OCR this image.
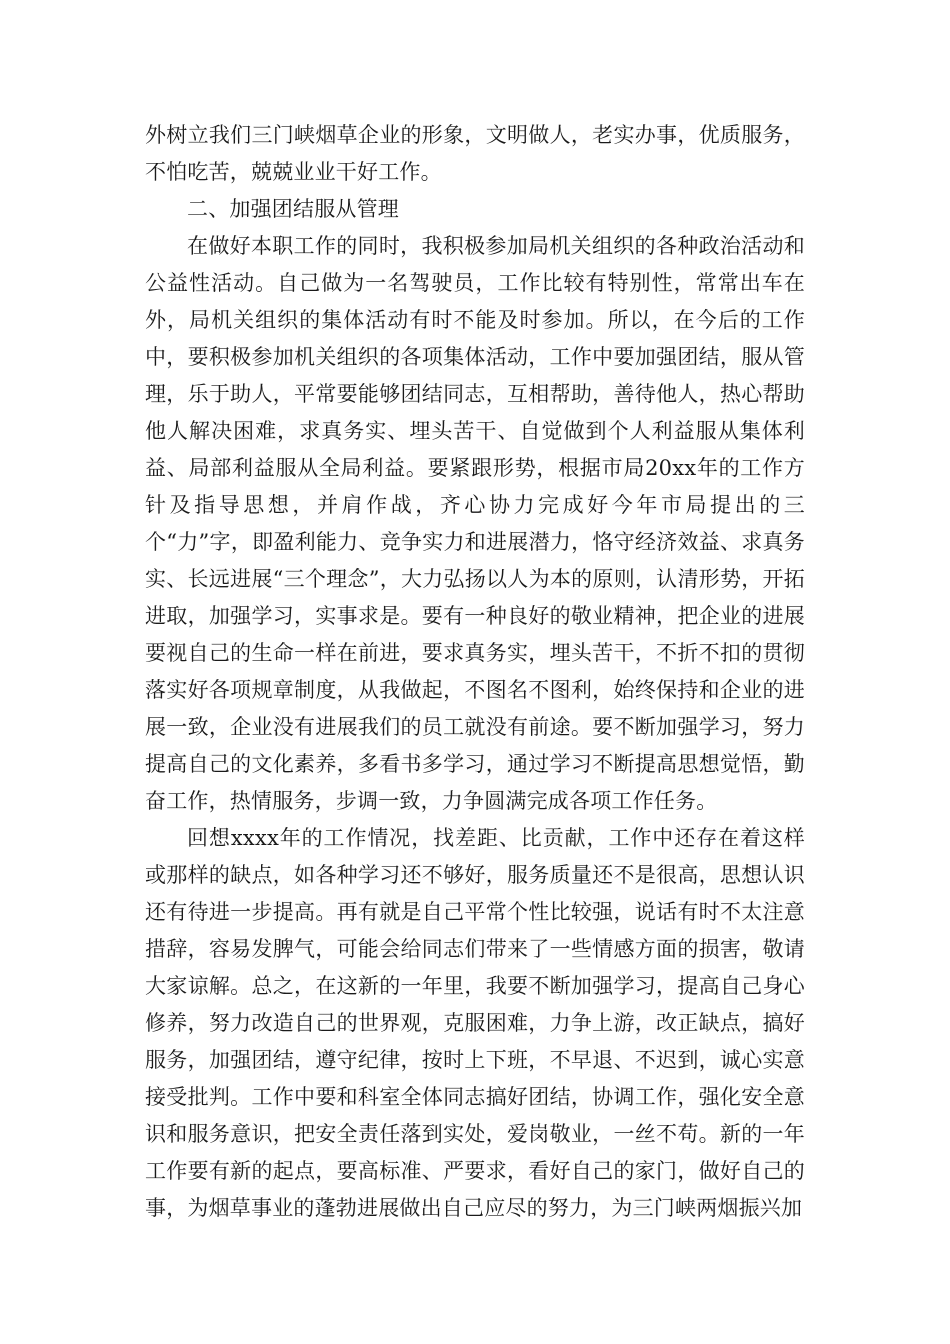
外树立我们三门峡烟草企业的形象，文明做人，老实办事，优质服务，不怕吃苦，兢兢业业干好工作。

二、加强团结服从管理

在做好本职工作的同时，我积极参加局机关组织的各种政治活动和公益性活动。自己做为一名驾驶员，工作比较有特别性，常常出车在外，局机关组织的集体活动有时不能及时参加。所以，在今后的工作中，要积极参加机关组织的各项集体活动，工作中要加强团结，服从管理，乐于助人，平常要能够团结同志，互相帮助，善待他人，热心帮助他人解决困难，求真务实、埋头苦干、自觉做到个人利益服从集体利益、局部利益服从全局利益。要紧跟形势，根据市局20xx年的工作方针及指导思想，并肩作战，齐心协力完成好今年市局提出的三个“力”字，即盈利能力、竞争实力和进展潜力，恪守经济效益、求真务实、长远进展“三个理念”，大力弘扬以人为本的原则，认清形势，开拓进取，加强学习，实事求是。要有一种良好的敬业精神，把企业的进展要视自己的生命一样在前进，要求真务实，埋头苦干，不折不扣的贯彻落实好各项规章制度，从我做起，不图名不图利，始终保持和企业的进展一致，企业没有进展我们的员工就没有前途。要不断加强学习，努力提高自己的文化素养，多看书多学习，通过学习不断提高思想觉悟，勤奋工作，热情服务，步调一致，力争圆满完成各项工作任务。

回想xxxx年的工作情况，找差距、比贡献，工作中还存在着这样或那样的缺点，如各种学习还不够好，服务质量还不是很高，思想认识还有待进一步提高。再有就是自己平常个性比较强，说话有时不太注意措辞，容易发脾气，可能会给同志们带来了一些情感方面的损害，敬请大家谅解。总之，在这新的一年里，我要不断加强学习，提高自己身心修养，努力改造自己的世界观，克服困难，力争上游，改正缺点，搞好服务，加强团结，遵守纪律，按时上下班，不早退、不迟到，诚心实意接受批判。工作中要和科室全体同志搞好团结，协调工作，强化安全意识和服务意识，把安全责任落到实处，爱岗敬业，一丝不苟。新的一年工作要有新的起点，要高标准、严要求，看好自己的家门，做好自己的事，为烟草事业的蓬勃进展做出自己应尽的努力，为三门峡两烟振兴加
